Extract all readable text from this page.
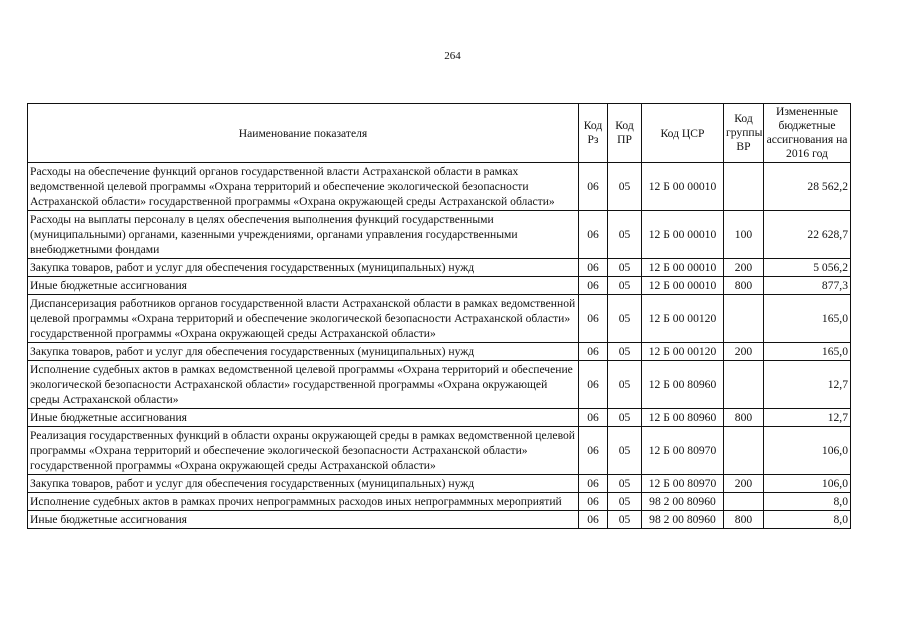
264
Наименование показателя	Код Рз	Код ПР	Код ЦСР	Код группы ВР	Измененные бюджетные ассигнования на 2016 год
Расходы на обеспечение функций органов государственной власти Астраханской области в рамках ведомственной целевой программы «Охрана территорий и обеспечение экологической безопасности Астраханской области» государственной программы «Охрана окружающей среды Астраханской области»	06	05	12 Б 00 00010		28 562,2
Расходы на выплаты персоналу в целях обеспечения выполнения функций государственными (муниципальными) органами, казенными учреждениями, органами управления государственными внебюджетными фондами	06	05	12 Б 00 00010	100	22 628,7
Закупка товаров, работ и услуг для обеспечения государственных (муниципальных) нужд	06	05	12 Б 00 00010	200	5 056,2
Иные бюджетные ассигнования	06	05	12 Б 00 00010	800	877,3
Диспансеризация работников органов государственной власти Астраханской области в рамках ведомственной целевой программы «Охрана территорий и обеспечение экологической безопасности Астраханской области» государственной программы «Охрана окружающей среды Астраханской области»	06	05	12 Б 00 00120		165,0
Закупка товаров, работ и услуг для обеспечения государственных (муниципальных) нужд	06	05	12 Б 00 00120	200	165,0
Исполнение судебных актов в рамках ведомственной целевой программы «Охрана территорий и обеспечение экологической безопасности Астраханской области» государственной программы «Охрана окружающей среды Астраханской области»	06	05	12 Б 00 80960		12,7
Иные бюджетные ассигнования	06	05	12 Б 00 80960	800	12,7
Реализация государственных функций в области охраны окружающей среды в рамках ведомственной целевой программы «Охрана территорий и обеспечение экологической безопасности Астраханской области» государственной программы «Охрана окружающей среды Астраханской области»	06	05	12 Б 00 80970		106,0
Закупка товаров, работ и услуг для обеспечения государственных (муниципальных) нужд	06	05	12 Б 00 80970	200	106,0
Исполнение судебных актов в рамках прочих непрограммных расходов иных непрограммных мероприятий	06	05	98 2 00 80960		8,0
Иные бюджетные ассигнования	06	05	98 2 00 80960	800	8,0
